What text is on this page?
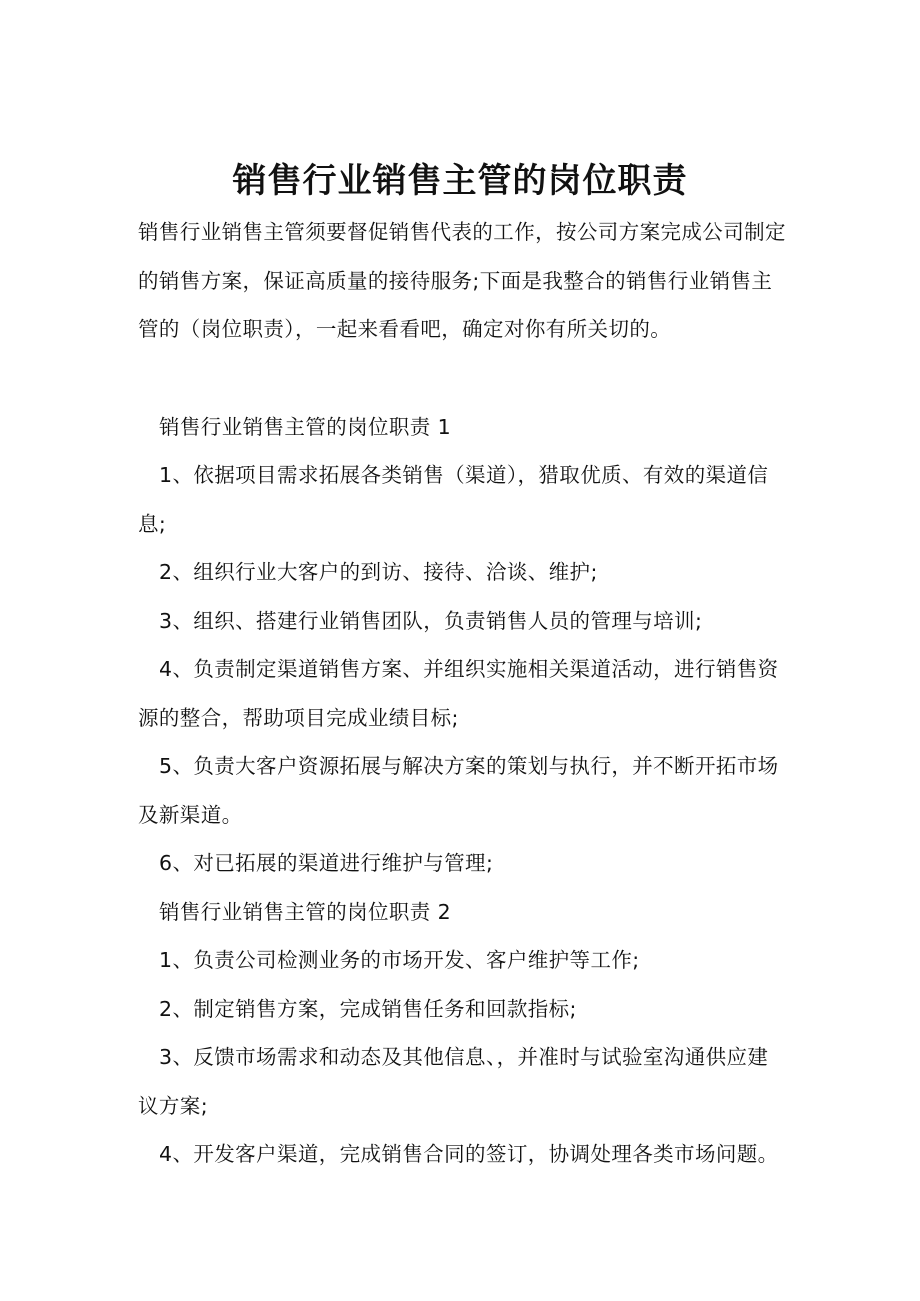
销售行业销售主管的岗位职责

销售行业销售主管须要督促销售代表的工作，按公司方案完成公司制定的销售方案，保证高质量的接待服务;下面是我整合的销售行业销售主管的（岗位职责），一起来看看吧，确定对你有所关切的。

销售行业销售主管的岗位职责 1

1、依据项目需求拓展各类销售（渠道），猎取优质、有效的渠道信息;

2、组织行业大客户的到访、接待、洽谈、维护;

3、组织、搭建行业销售团队，负责销售人员的管理与培训;

4、负责制定渠道销售方案、并组织实施相关渠道活动，进行销售资源的整合，帮助项目完成业绩目标;

5、负责大客户资源拓展与解决方案的策划与执行，并不断开拓市场及新渠道。

6、对已拓展的渠道进行维护与管理;

销售行业销售主管的岗位职责 2

1、负责公司检测业务的市场开发、客户维护等工作;

2、制定销售方案，完成销售任务和回款指标;

3、反馈市场需求和动态及其他信息、，并准时与试验室沟通供应建议方案;

4、开发客户渠道，完成销售合同的签订，协调处理各类市场问题。
